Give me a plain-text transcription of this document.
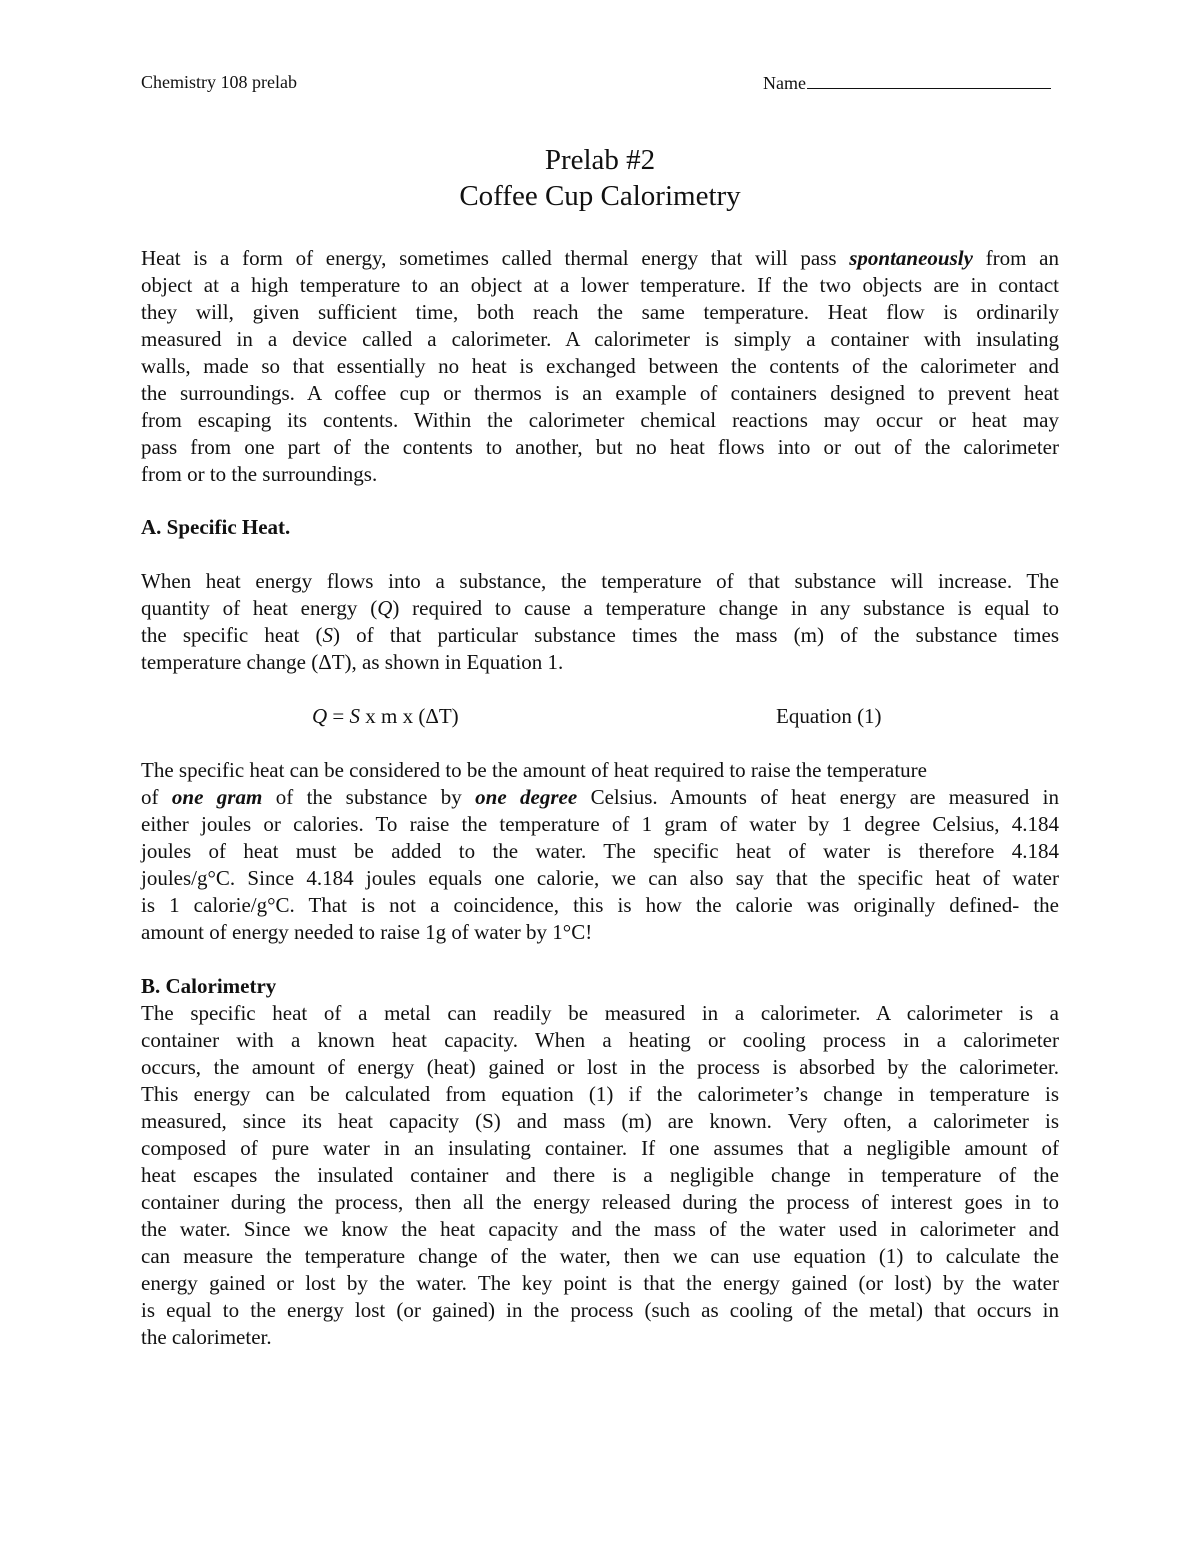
Chemistry 108 prelab	Name
Prelab #2
Coffee Cup Calorimetry
Heat is a form of energy, sometimes called thermal energy that will pass spontaneously from an
object at a high temperature to an object at a lower temperature. If the two objects are in contact
they will, given sufficient time, both reach the same temperature. Heat flow is ordinarily
measured in a device called a calorimeter. A calorimeter is simply a container with insulating
walls, made so that essentially no heat is exchanged between the contents of the calorimeter and
the surroundings. A coffee cup or thermos is an example of containers designed to prevent heat
from escaping its contents. Within the calorimeter chemical reactions may occur or heat may
pass from one part of the contents to another, but no heat flows into or out of the calorimeter
from or to the surroundings.
A. Specific Heat.
When heat energy flows into a substance, the temperature of that substance will increase. The
quantity of heat energy (Q) required to cause a temperature change in any substance is equal to
the specific heat (S) of that particular substance times the mass (m) of the substance times
temperature change (ΔT), as shown in Equation 1.
Q = S x m x (ΔT)	Equation (1)
The specific heat can be considered to be the amount of heat required to raise the temperature
of one gram of the substance by one degree Celsius. Amounts of heat energy are measured in
either joules or calories. To raise the temperature of 1 gram of water by 1 degree Celsius, 4.184
joules of heat must be added to the water. The specific heat of water is therefore 4.184
joules/g°C. Since 4.184 joules equals one calorie, we can also say that the specific heat of water
is 1 calorie/g°C. That is not a coincidence, this is how the calorie was originally defined- the
amount of energy needed to raise 1g of water by 1°C!
B. Calorimetry
The specific heat of a metal can readily be measured in a calorimeter. A calorimeter is a
container with a known heat capacity. When a heating or cooling process in a calorimeter
occurs, the amount of energy (heat) gained or lost in the process is absorbed by the calorimeter.
This energy can be calculated from equation (1) if the calorimeter’s change in temperature is
measured, since its heat capacity (S) and mass (m) are known. Very often, a calorimeter is
composed of pure water in an insulating container. If one assumes that a negligible amount of
heat escapes the insulated container and there is a negligible change in temperature of the
container during the process, then all the energy released during the process of interest goes in to
the water. Since we know the heat capacity and the mass of the water used in calorimeter and
can measure the temperature change of the water, then we can use equation (1) to calculate the
energy gained or lost by the water. The key point is that the energy gained (or lost) by the water
is equal to the energy lost (or gained) in the process (such as cooling of the metal) that occurs in
the calorimeter.
